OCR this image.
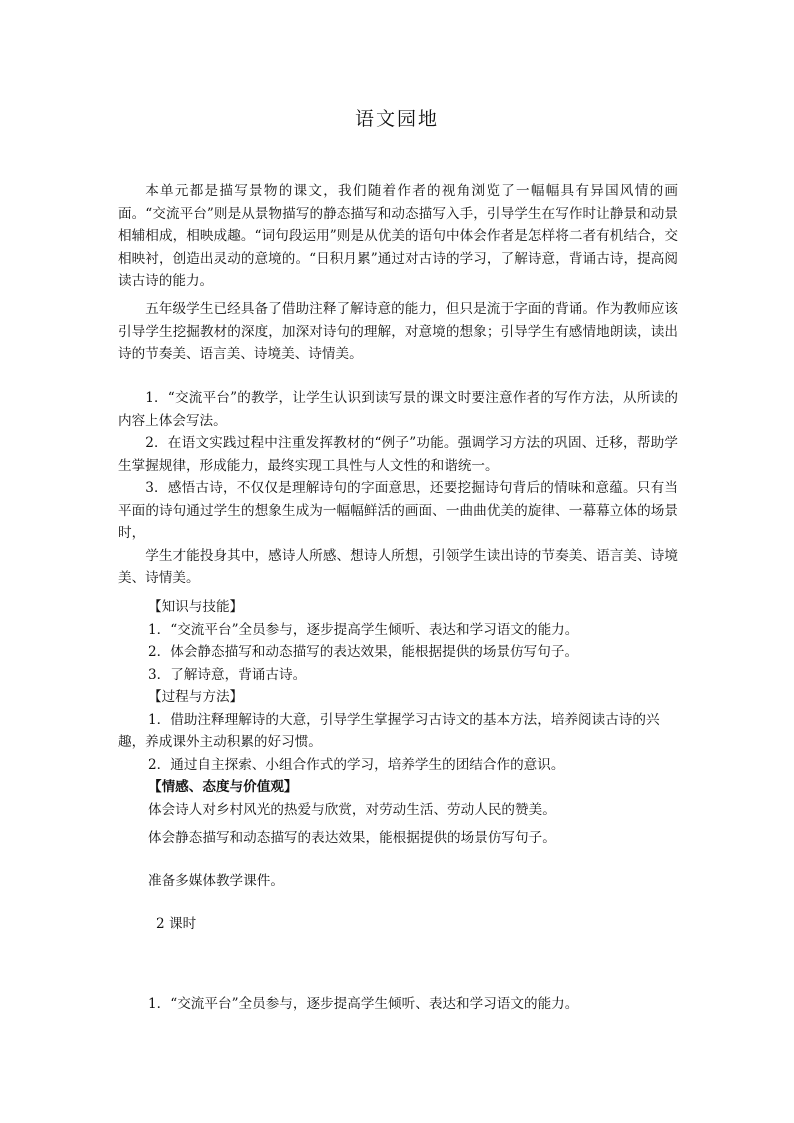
语文园地

本单元都是描写景物的课文，我们随着作者的视角浏览了一幅幅具有异国风情的画面。“交流平台”则是从景物描写的静态描写和动态描写入手，引导学生在写作时让静景和动景相辅相成，相映成趣。“词句段运用”则是从优美的语句中体会作者是怎样将二者有机结合，交相映衬，创造出灵动的意境的。“日积月累”通过对古诗的学习，了解诗意，背诵古诗，提高阅读古诗的能力。

五年级学生已经具备了借助注释了解诗意的能力，但只是流于字面的背诵。作为教师应该引导学生挖掘教材的深度，加深对诗句的理解，对意境的想象；引导学生有感情地朗读，读出诗的节奏美、语言美、诗境美、诗情美。

1．“交流平台”的教学，让学生认识到读写景的课文时要注意作者的写作方法，从所读的内容上体会写法。

2．在语文实践过程中注重发挥教材的“例子”功能。强调学习方法的巩固、迁移，帮助学生掌握规律，形成能力，最终实现工具性与人文性的和谐统一。

3．感悟古诗，不仅仅是理解诗句的字面意思，还要挖掘诗句背后的情味和意蕴。只有当平面的诗句通过学生的想象生成为一幅幅鲜活的画面、一曲曲优美的旋律、一幕幕立体的场景时，

学生才能投身其中，感诗人所感、想诗人所想，引领学生读出诗的节奏美、语言美、诗境美、诗情美。

【知识与技能】

1．“交流平台”全员参与，逐步提高学生倾听、表达和学习语文的能力。

2．体会静态描写和动态描写的表达效果，能根据提供的场景仿写句子。

3．了解诗意，背诵古诗。

【过程与方法】

1．借助注释理解诗的大意，引导学生掌握学习古诗文的基本方法，培养阅读古诗的兴

趣，养成课外主动积累的好习惯。

2．通过自主探索、小组合作式的学习，培养学生的团结合作的意识。

【情感、态度与价值观】

体会诗人对乡村风光的热爱与欣赏，对劳动生活、劳动人民的赞美。

体会静态描写和动态描写的表达效果，能根据提供的场景仿写句子。
准备多媒体教学课件。
2 课时
1．“交流平台”全员参与，逐步提高学生倾听、表达和学习语文的能力。
